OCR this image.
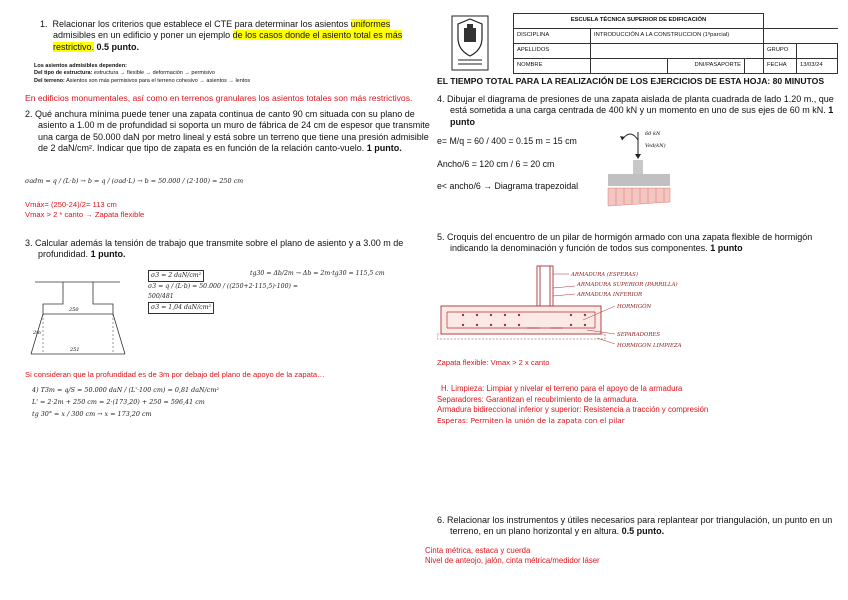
1. Relacionar los criterios que establece el CTE para determinar los asientos uniformes admisibles en un edificio y poner un ejemplo de los casos donde el asiento total es más restrictivo. 0.5 punto.
Los asientos admisibles dependen:
Del tipo de estructura: estructura → flexible → deformación → permisivo
Del terreno: Asientos son más permisivos para el terreno cohesivo → asientos → lentos
En edificios monumentales, así como en terrenos granulares los asientos totales son más restrictivos.
2. Qué anchura mínima puede tener una zapata continua de canto 90 cm situada con su plano de asiento a 1.00 m de profundidad si soporta un muro de fábrica de 24 cm de espesor que transmite una carga de 50.000 daN por metro lineal y está sobre un terreno que tiene una presión admisible de 2 daN/cm². Indicar que tipo de zapata es en función de la relación canto-vuelo. 1 punto.
σadm = q / (L·b) → b = q / (σad·L) → b = 50.000 / (2·100) = 250 cm
Vmáx= (250-24)/2= 113 cm
Vmax > 2 * canto → Zapata flexible
3. Calcular además la tensión de trabajo que transmite sobre el plano de asiento y a 3.00 m de profundidad. 1 punto.
250
251
2m
σ3 = 2 daN/cm²
σ3 = q / (L·b) = 50.000 / ((250+2·115,5)·100) = 500/481
σ3 = 1,04 daN/cm²
tg30 = Δb/2m → Δb = 2m·tg30 = 115,5 cm
Si consideran que la profundidad es de 3m por debajo del plano de apoyo de la zapata…
4) T3m = q/S = 50.000 daN / (L'·100 cm) = 0,81 daN/cm²
L' = 2·2m + 250 cm = 2·(173,20) + 250 = 596,41 cm
tg 30° = x / 300 cm → x = 173,20 cm
ESCUELA TÉCNICA SUPERIOR DE EDIFICACIÓN					
DISCIPLINA	INTRODUCCIÓN A LA CONSTRUCCION (1ºparcial)				
APELLIDOS				GRUPO	
NOMBRE		DNI/PASAPORTE		FECHA	13/03/24
EL TIEMPO TOTAL PARA LA REALIZACIÓN DE LOS EJERCICIOS DE ESTA HOJA: 80 MINUTOS
4. Dibujar el diagrama de presiones de una zapata aislada de planta cuadrada de lado 1.20 m., que está sometida a una carga centrada de 400 kN y un momento en uno de sus ejes de 60 m kN. 1 punto
e= M/q = 60 / 400 = 0.15 m = 15 cm
Ancho/6 = 120 cm / 6 = 20 cm
e< ancho/6 → Diagrama trapezoidal
60 kN
Ved(kN)
5. Croquis del encuentro de un pilar de hormigón armado con una zapata flexible de hormigón indicando la denominación y función de todos sus componentes. 1 punto
ARMADURA (ESPERAS)
ARMADURA SUPERIOR (PARRILLA)
ARMADURA INFERIOR
HORMIGÓN
SEPARADORES
HORMIGON LIMPIEZA
Zapata flexible: Vmax > 2 x canto
H. Limpieza: Limpiar y nivelar el terreno para el apoyo de la armadura
Separadores: Garantizan el recubrimiento de la armadura.
Armadura bidireccional inferior y superior: Resistencia a tracción y compresión
Esperas: Permiten la unión de la zapata con el pilar
6. Relacionar los instrumentos y útiles necesarios para replantear por triangulación, un punto en un terreno, en un plano horizontal y en altura. 0.5 punto.
Cinta métrica, estaca y cuerda
Nivel de anteojo, jalón, cinta métrica/medidor láser
